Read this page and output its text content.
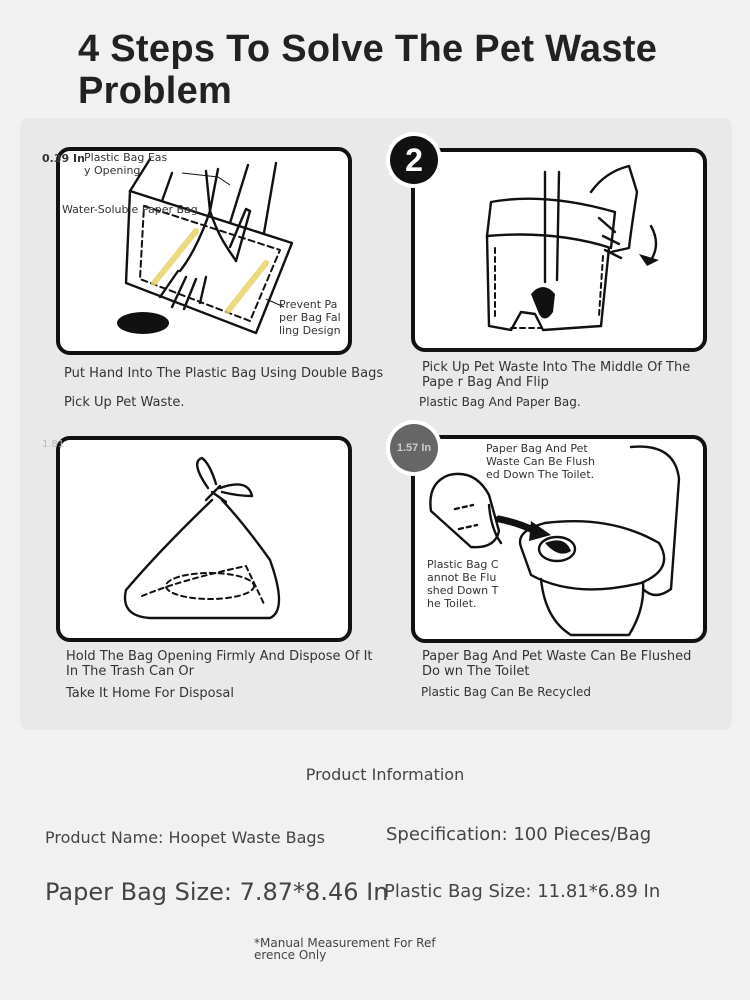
4 Steps To Solve The Pet Waste Problem
0.39 In Plastic Bag Eas y Opening
Water-Soluble Paper Bag
Prevent Pa per Bag Fal ling Design
Put Hand Into The Plastic Bag Using Double Bags
Pick Up Pet Waste.
2
Pick Up Pet Waste Into The Middle Of The Pape r Bag And Flip
Plastic Bag And Paper Bag.
1.81
Hold The Bag Opening Firmly And Dispose Of It In The Trash Can Or
Take It Home For Disposal
1.57 In	Paper Bag And Pet Waste Can Be Flush ed Down The Toilet.
Plastic Bag C annot Be Flu shed Down T he Toilet.
Paper Bag And Pet Waste Can Be Flushed Do wn The Toilet
Plastic Bag Can Be Recycled
Product Information
Product Name: Hoopet Waste Bags	Specification: 100 Pieces/Bag
Paper Bag Size: 7.87*8.46 In
Plastic Bag Size: 11.81*6.89 In
*Manual Measurement For Ref erence Only
